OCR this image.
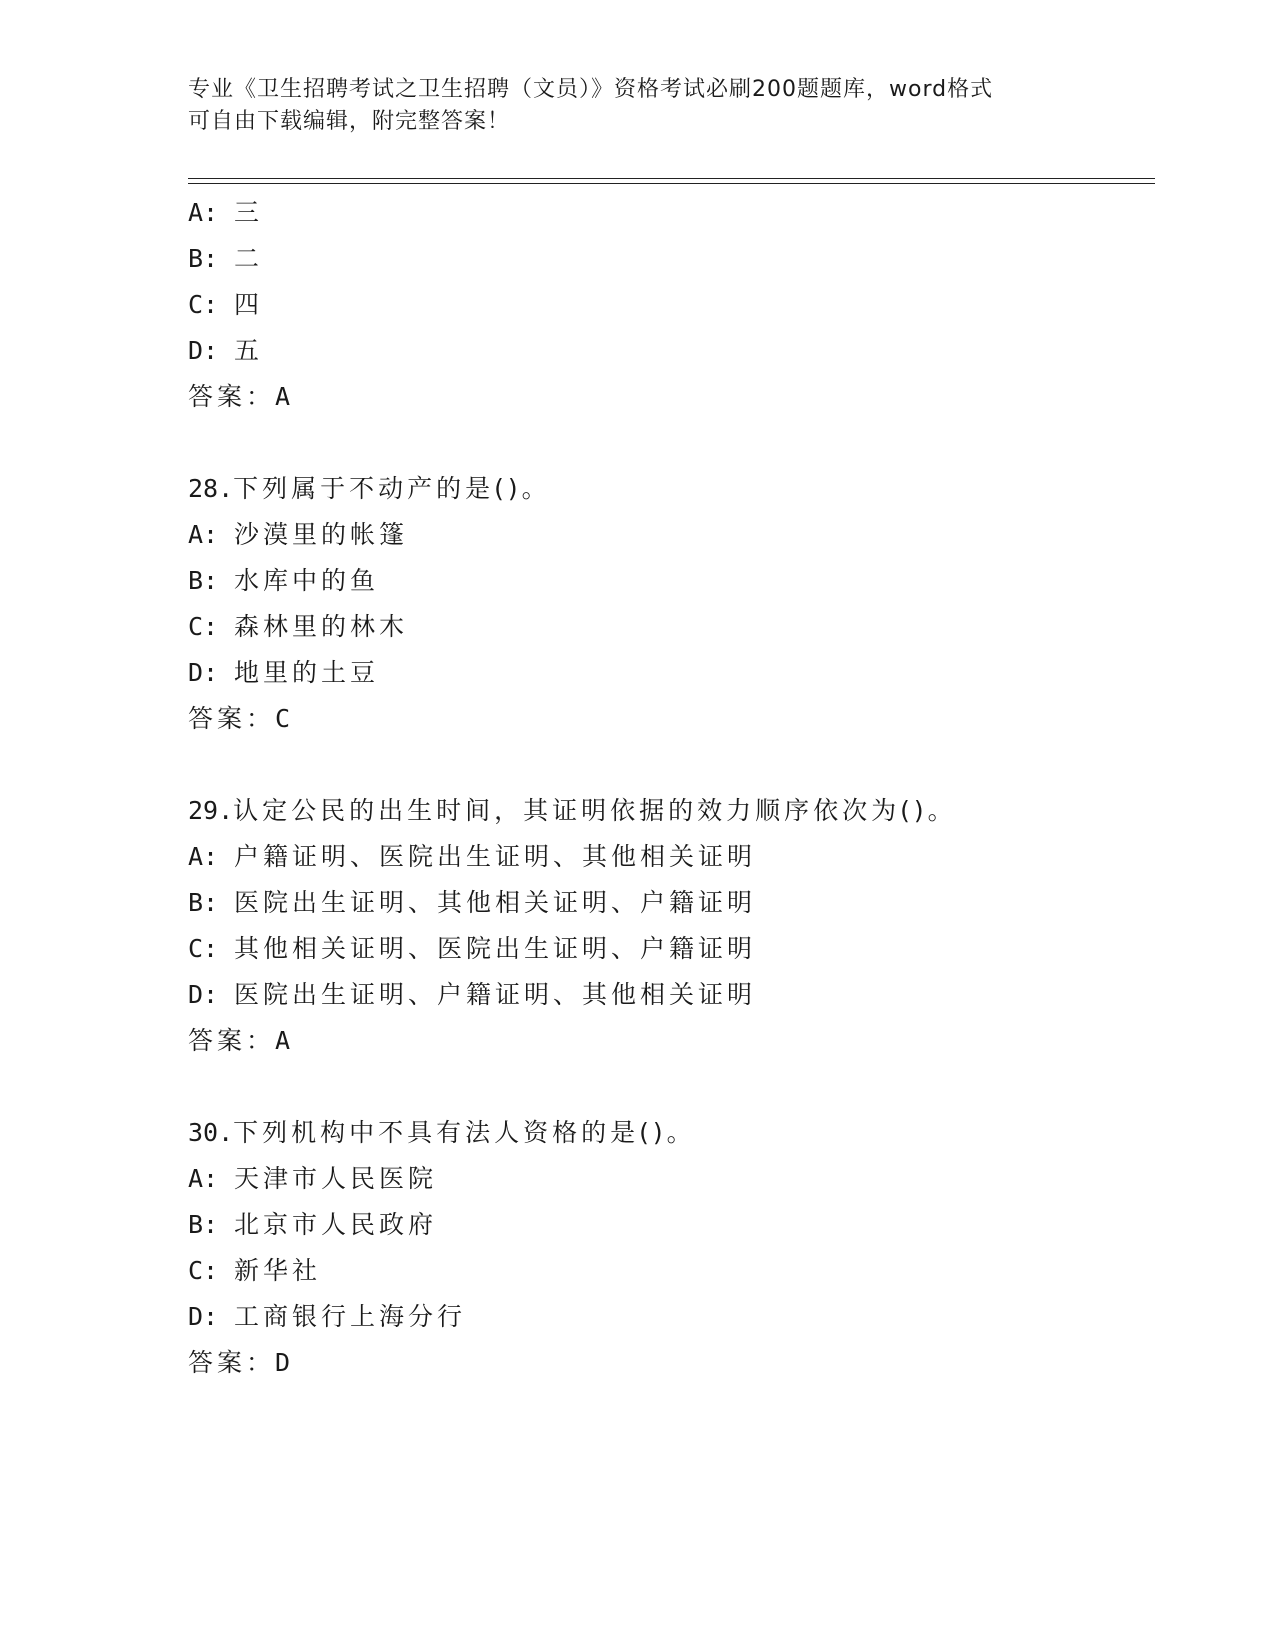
专业《卫生招聘考试之卫生招聘（文员）》资格考试必刷200题题库，word格式
可自由下载编辑，附完整答案！
A: 三
B: 二
C: 四
D: 五
答案：A
28.下列属于不动产的是()。
A: 沙漠里的帐篷
B: 水库中的鱼
C: 森林里的林木
D: 地里的土豆
答案：C
29.认定公民的出生时间，其证明依据的效力顺序依次为()。
A: 户籍证明、医院出生证明、其他相关证明
B: 医院出生证明、其他相关证明、户籍证明
C: 其他相关证明、医院出生证明、户籍证明
D: 医院出生证明、户籍证明、其他相关证明
答案：A
30.下列机构中不具有法人资格的是()。
A: 天津市人民医院
B: 北京市人民政府
C: 新华社
D: 工商银行上海分行
答案：D
